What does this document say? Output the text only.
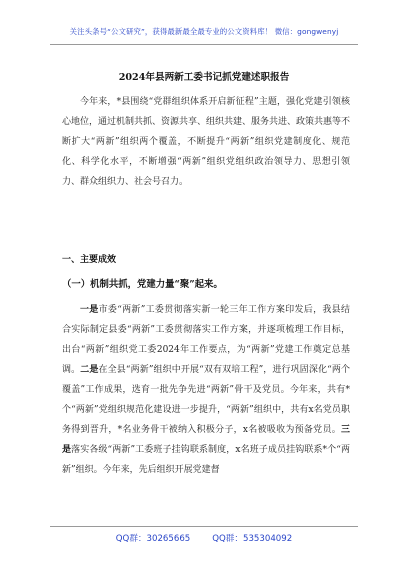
关注头条号“公文研究”，获得最新最全最专业的公文资料库！ 微信：gongwenyj
2024年县两新工委书记抓党建述职报告
今年来，*县围绕“党群组织体系开启新征程”主题，强化党建引领核心地位，通过机制共抓、资源共享、组织共建、服务共进、政策共惠等不断扩大“两新”组织两个覆盖，不断提升“两新”组织党建制度化、规范化、科学化水平，不断增强“两新”组织党组织政治领导力、思想引领力、群众组织力、社会号召力。
一、主要成效
（一）机制共抓，党建力量“聚”起来。
一是市委“两新”工委贯彻落实新一轮三年工作方案印发后，我县结合实际制定县委“两新”工委贯彻落实工作方案，并逐项梳理工作目标，出台“两新”组织党工委2024年工作要点，为“两新”党建工作奠定总基调。二是在全县“两新”组织中开展“双有双培工程”，进行巩固深化“两个覆盖”工作成果，选育一批先争先进“两新”骨干及党员。今年来，共有*个“两新”党组织规范化建设进一步提升，“两新”组织中，共有x名党员职务得到晋升，*名业务骨干被纳入积极分子，x名被吸收为预备党员。三是落实各级“两新”工委班子挂钩联系制度，x名班子成员挂钩联系*个“两新”组织。今年来，先后组织开展党建督
QQ群：30265665	QQ群：535304092
